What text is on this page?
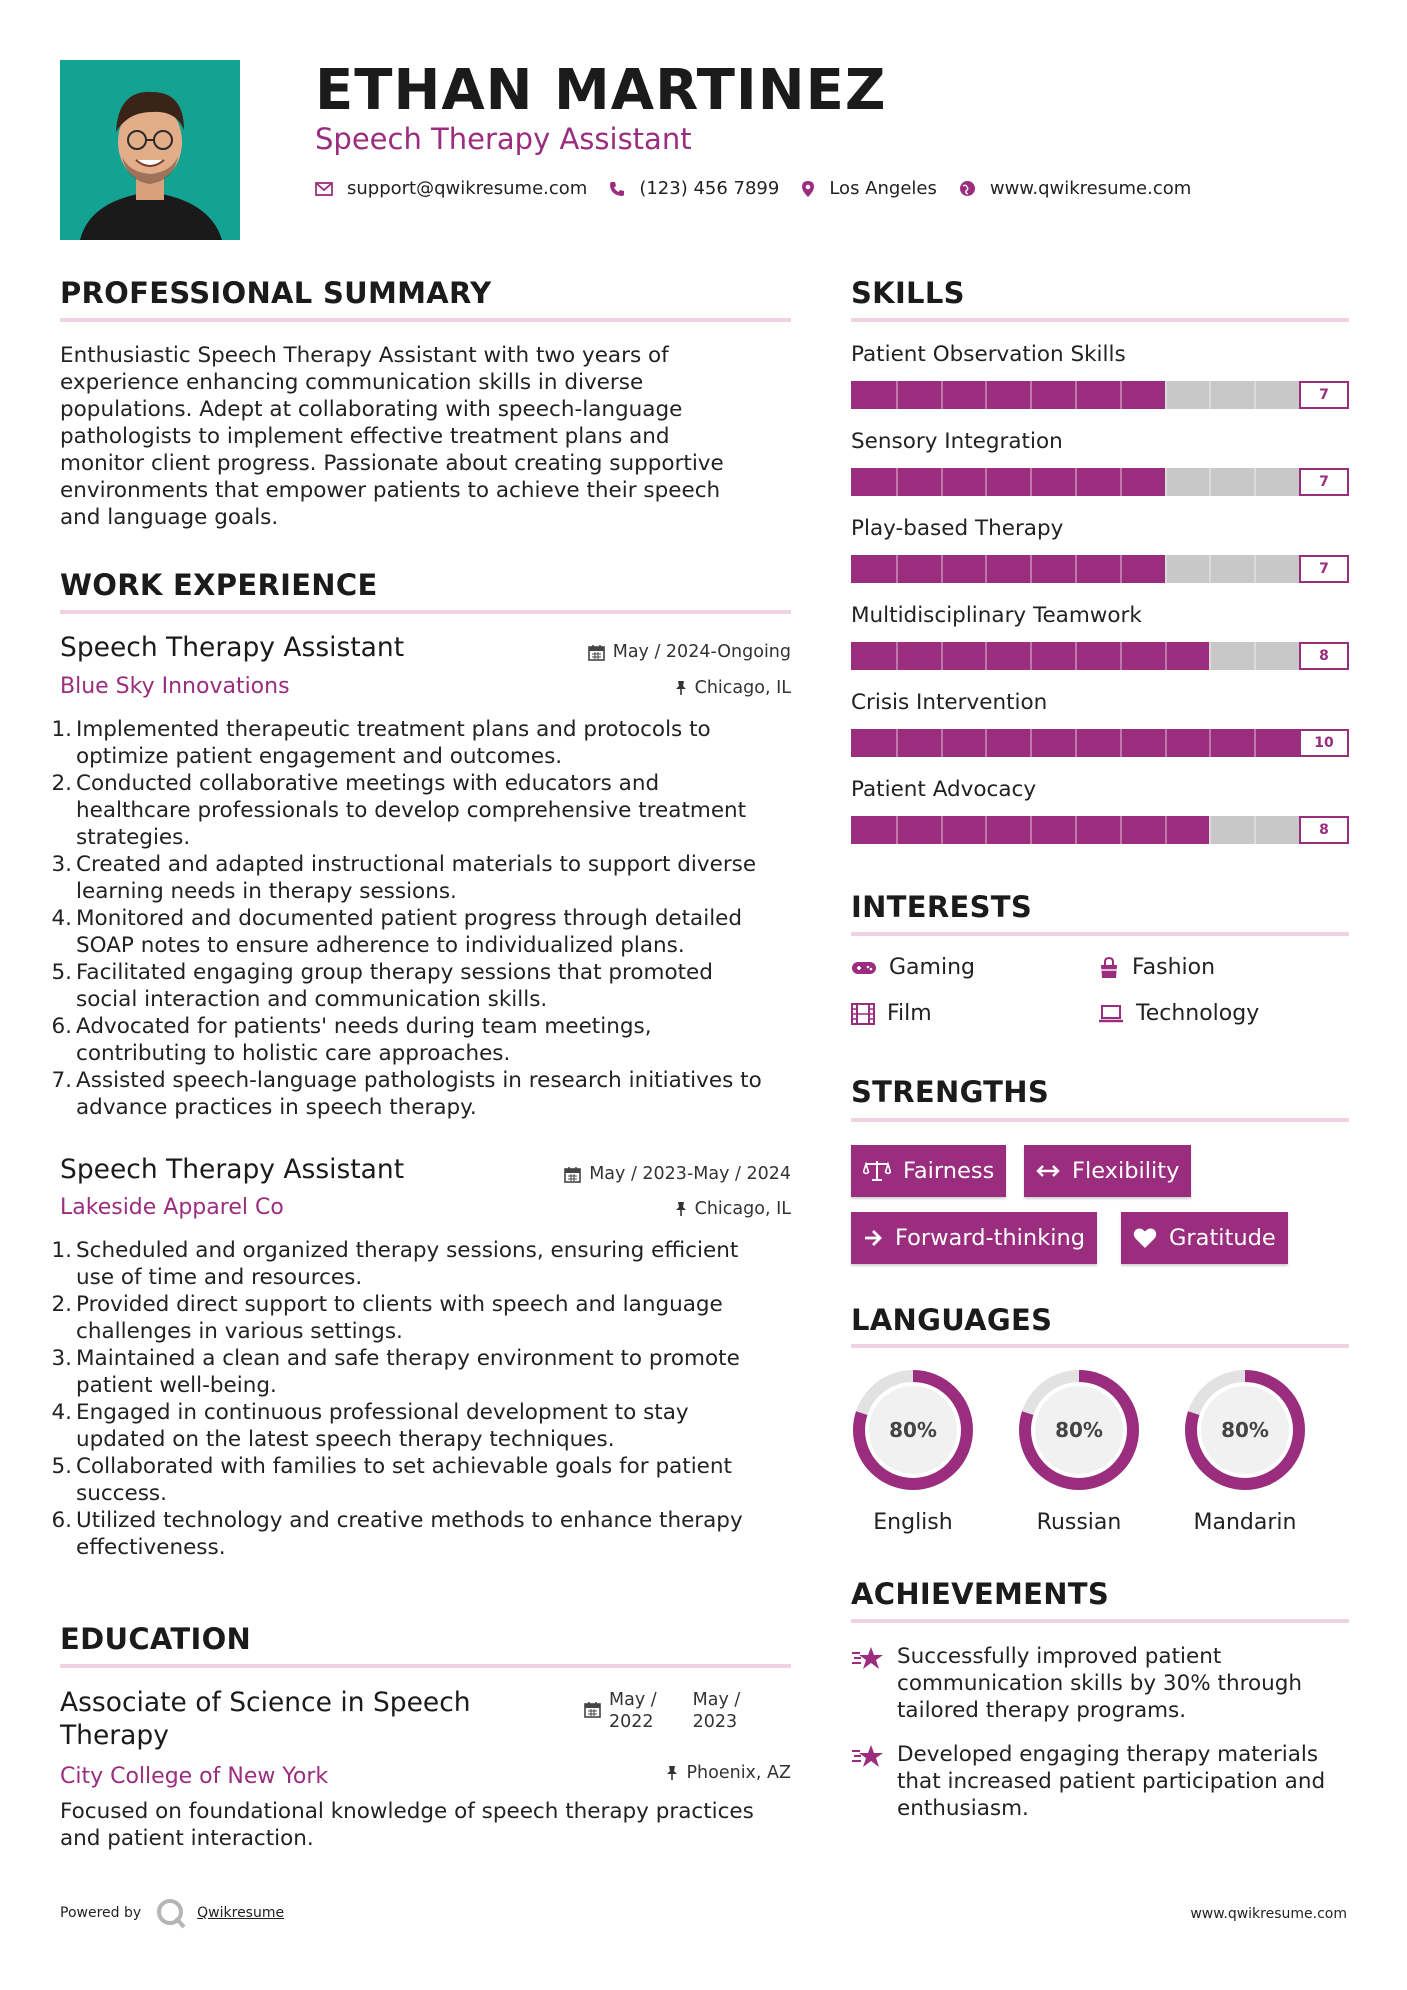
ETHAN MARTINEZ
Speech Therapy Assistant
support@qwikresume.com	(123) 456 7899	Los Angeles	www.qwikresume.com
PROFESSIONAL SUMMARY
Enthusiastic Speech Therapy Assistant with two years of
experience enhancing communication skills in diverse
populations. Adept at collaborating with speech-language
pathologists to implement effective treatment plans and
monitor client progress. Passionate about creating supportive
environments that empower patients to achieve their speech
and language goals.
WORK EXPERIENCE
Speech Therapy Assistant	May / 2024-Ongoing
Blue Sky Innovations	Chicago, IL
1. Implemented therapeutic treatment plans and protocols to
optimize patient engagement and outcomes.
2. Conducted collaborative meetings with educators and
healthcare professionals to develop comprehensive treatment
strategies.
3. Created and adapted instructional materials to support diverse
learning needs in therapy sessions.
4. Monitored and documented patient progress through detailed
SOAP notes to ensure adherence to individualized plans.
5. Facilitated engaging group therapy sessions that promoted
social interaction and communication skills.
6. Advocated for patients' needs during team meetings,
contributing to holistic care approaches.
7. Assisted speech-language pathologists in research initiatives to
advance practices in speech therapy.
Speech Therapy Assistant	May / 2023-May / 2024
Lakeside Apparel Co	Chicago, IL
1. Scheduled and organized therapy sessions, ensuring efficient
use of time and resources.
2. Provided direct support to clients with speech and language
challenges in various settings.
3. Maintained a clean and safe therapy environment to promote
patient well-being.
4. Engaged in continuous professional development to stay
updated on the latest speech therapy techniques.
5. Collaborated with families to set achievable goals for patient
success.
6. Utilized technology and creative methods to enhance therapy
effectiveness.
EDUCATION
Associate of Science in Speech
Therapy
May /
2022
May /
2023
City College of New York	Phoenix, AZ
Focused on foundational knowledge of speech therapy practices
and patient interaction.
SKILLS
Patient Observation Skills
7
Sensory Integration
7
Play-based Therapy
7
Multidisciplinary Teamwork
8
Crisis Intervention
10
Patient Advocacy
8
INTERESTS
Gaming	Fashion
Film	Technology
STRENGTHS
Fairness	Flexibility
Forward-thinking	Gratitude
LANGUAGES
80%
English
80%
Russian
80%
Mandarin
ACHIEVEMENTS
Successfully improved patient
communication skills by 30% through
tailored therapy programs.
Developed engaging therapy materials
that increased patient participation and
enthusiasm.
Powered by	Qwikresume	www.qwikresume.com
